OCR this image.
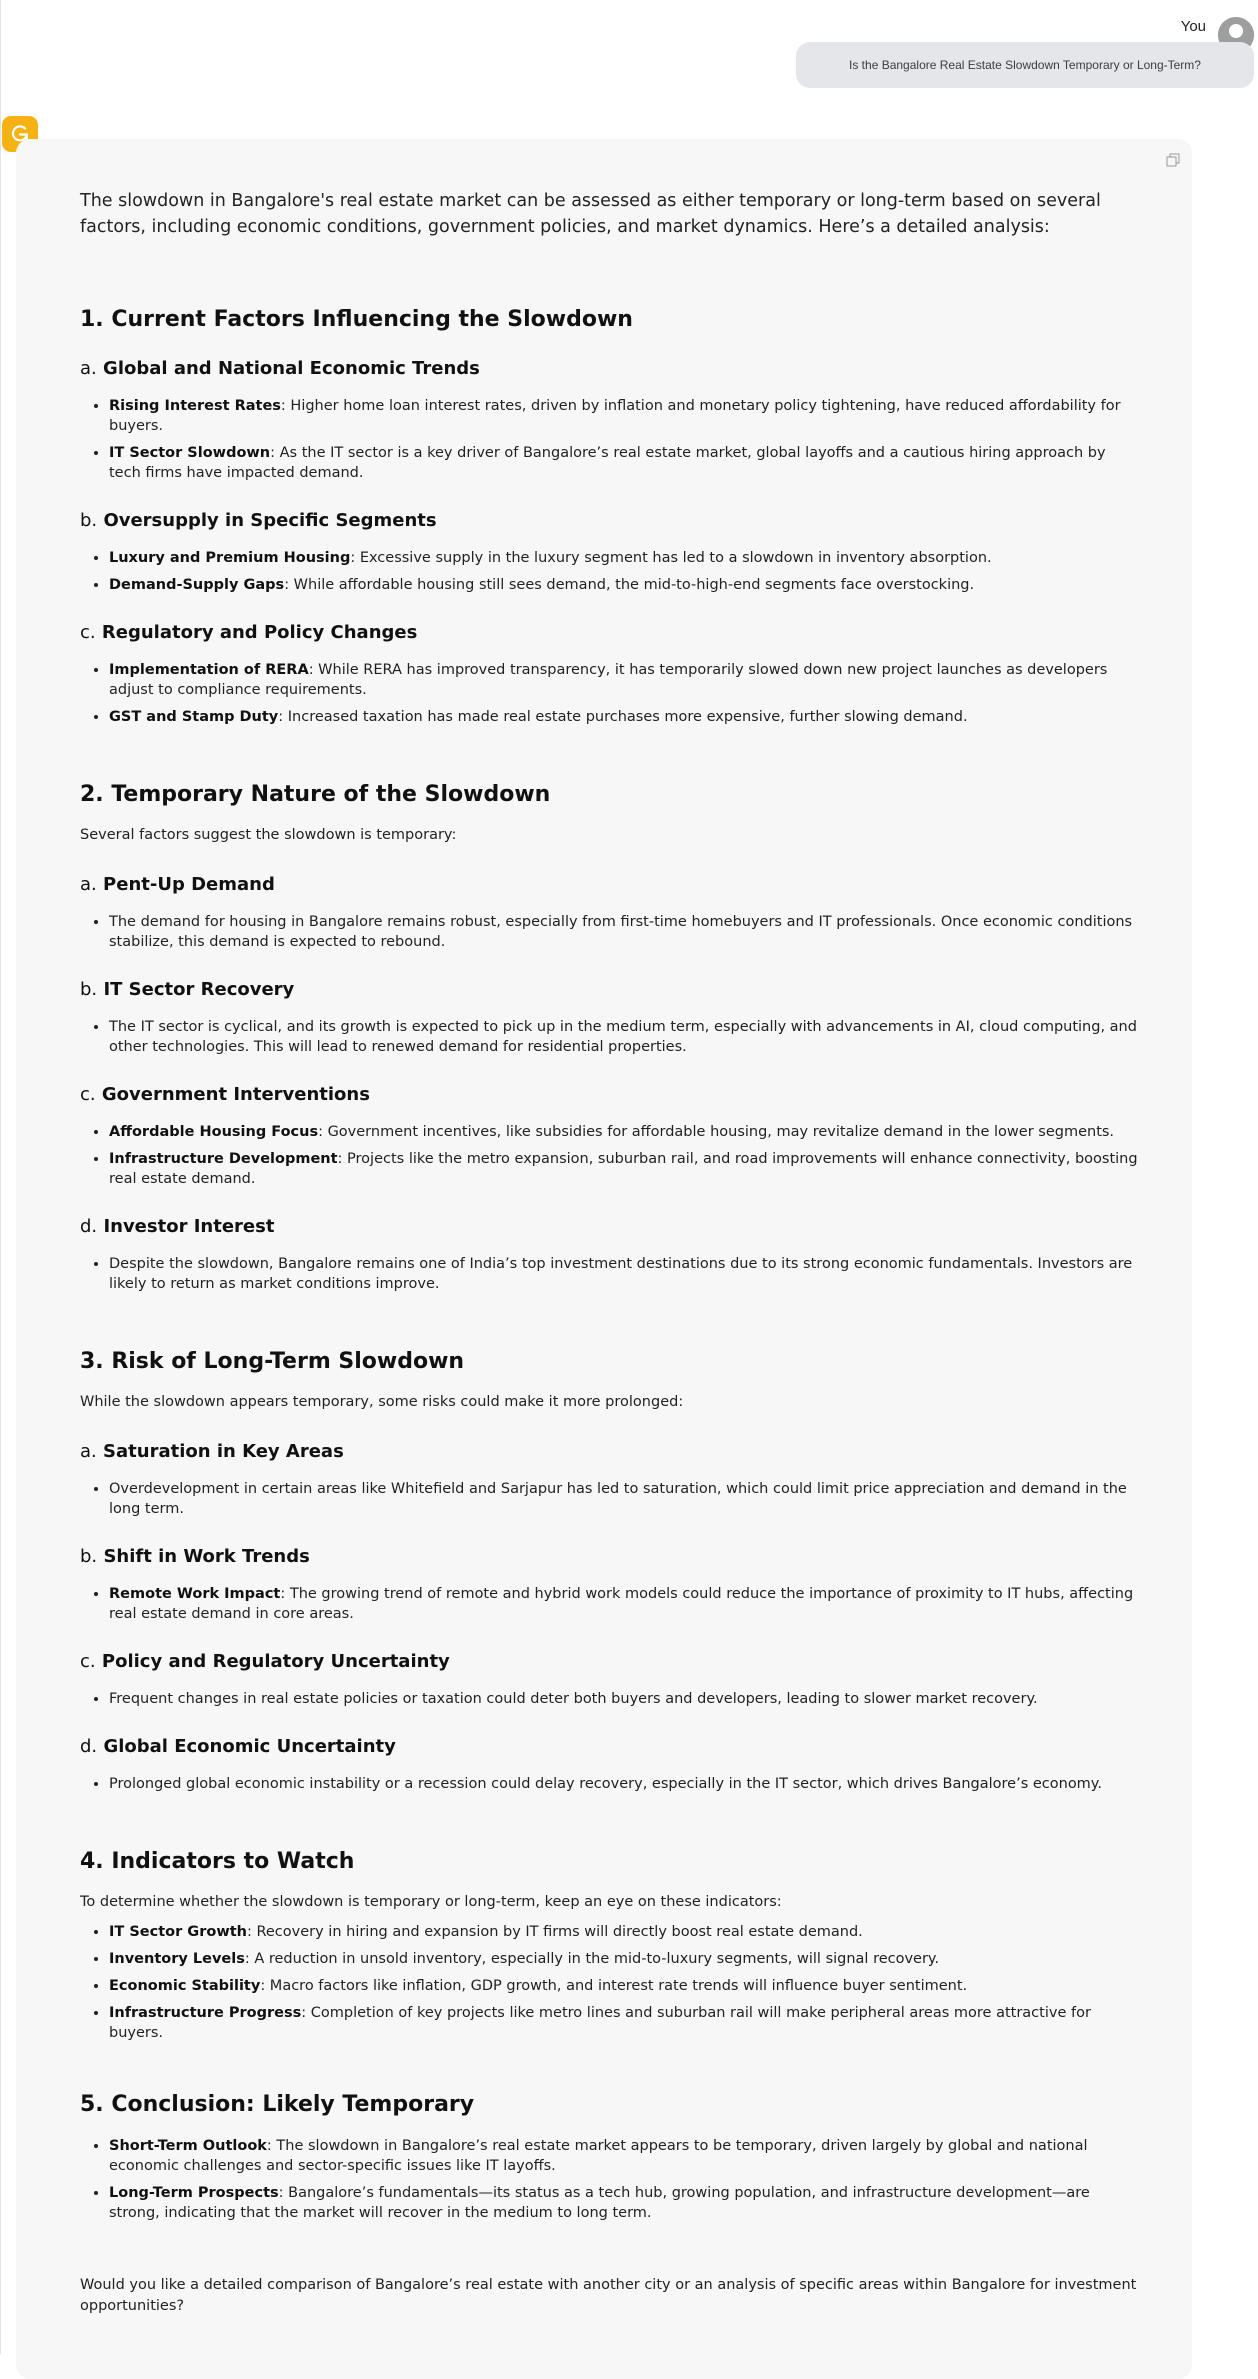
You
Is the Bangalore Real Estate Slowdown Temporary or Long-Term?

The slowdown in Bangalore's real estate market can be assessed as either temporary or long-term based on several factors, including economic conditions, government policies, and market dynamics. Here’s a detailed analysis:

1. Current Factors Influencing the Slowdown
a. Global and National Economic Trends
• Rising Interest Rates: Higher home loan interest rates, driven by inflation and monetary policy tightening, have reduced affordability for buyers.
• IT Sector Slowdown: As the IT sector is a key driver of Bangalore’s real estate market, global layoffs and a cautious hiring approach by tech firms have impacted demand.
b. Oversupply in Specific Segments
• Luxury and Premium Housing: Excessive supply in the luxury segment has led to a slowdown in inventory absorption.
• Demand-Supply Gaps: While affordable housing still sees demand, the mid-to-high-end segments face overstocking.
c. Regulatory and Policy Changes
• Implementation of RERA: While RERA has improved transparency, it has temporarily slowed down new project launches as developers adjust to compliance requirements.
• GST and Stamp Duty: Increased taxation has made real estate purchases more expensive, further slowing demand.
2. Temporary Nature of the Slowdown

Several factors suggest the slowdown is temporary:

a. Pent-Up Demand
• The demand for housing in Bangalore remains robust, especially from first-time homebuyers and IT professionals. Once economic conditions stabilize, this demand is expected to rebound.
b. IT Sector Recovery
• The IT sector is cyclical, and its growth is expected to pick up in the medium term, especially with advancements in AI, cloud computing, and other technologies. This will lead to renewed demand for residential properties.
c. Government Interventions
• Affordable Housing Focus: Government incentives, like subsidies for affordable housing, may revitalize demand in the lower segments.
• Infrastructure Development: Projects like the metro expansion, suburban rail, and road improvements will enhance connectivity, boosting real estate demand.
d. Investor Interest
• Despite the slowdown, Bangalore remains one of India’s top investment destinations due to its strong economic fundamentals. Investors are likely to return as market conditions improve.
3. Risk of Long-Term Slowdown

While the slowdown appears temporary, some risks could make it more prolonged:

a. Saturation in Key Areas
• Overdevelopment in certain areas like Whitefield and Sarjapur has led to saturation, which could limit price appreciation and demand in the long term.
b. Shift in Work Trends
• Remote Work Impact: The growing trend of remote and hybrid work models could reduce the importance of proximity to IT hubs, affecting real estate demand in core areas.
c. Policy and Regulatory Uncertainty
• Frequent changes in real estate policies or taxation could deter both buyers and developers, leading to slower market recovery.
d. Global Economic Uncertainty
• Prolonged global economic instability or a recession could delay recovery, especially in the IT sector, which drives Bangalore’s economy.
4. Indicators to Watch

To determine whether the slowdown is temporary or long-term, keep an eye on these indicators:

• IT Sector Growth: Recovery in hiring and expansion by IT firms will directly boost real estate demand.
• Inventory Levels: A reduction in unsold inventory, especially in the mid-to-luxury segments, will signal recovery.
• Economic Stability: Macro factors like inflation, GDP growth, and interest rate trends will influence buyer sentiment.
• Infrastructure Progress: Completion of key projects like metro lines and suburban rail will make peripheral areas more attractive for buyers.
5. Conclusion: Likely Temporary
• Short-Term Outlook: The slowdown in Bangalore’s real estate market appears to be temporary, driven largely by global and national economic challenges and sector-specific issues like IT layoffs.
• Long-Term Prospects: Bangalore’s fundamentals—its status as a tech hub, growing population, and infrastructure development—are strong, indicating that the market will recover in the medium to long term.

Would you like a detailed comparison of Bangalore’s real estate with another city or an analysis of specific areas within Bangalore for investment opportunities?
